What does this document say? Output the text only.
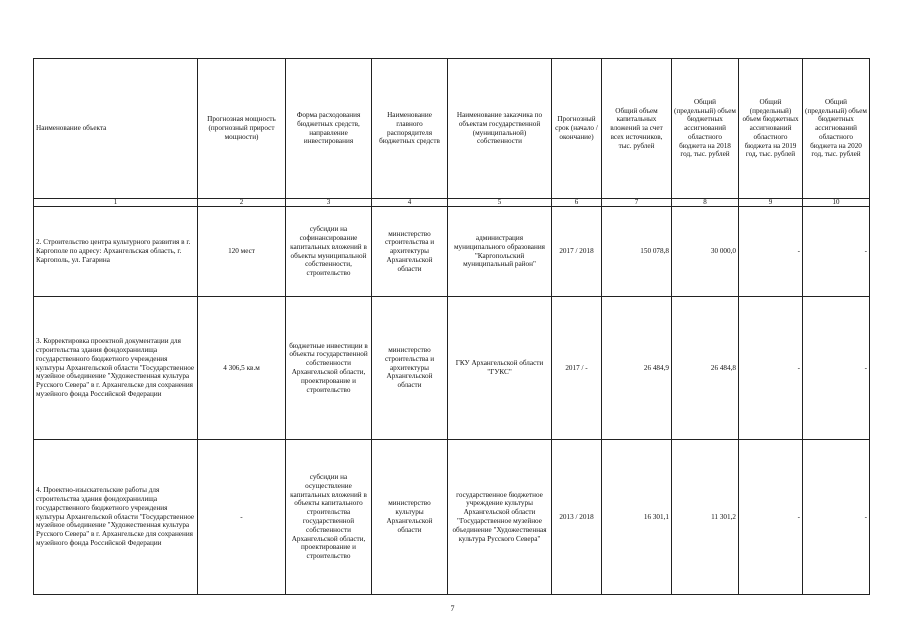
Наименование объекта	Прогнозная мощность (прогнозный прирост мощности)	Форма расходования бюджетных средств, направление инвестирования	Наименование главного распорядителя бюджетных средств	Наименование заказчика по объектам государственной (муниципальной) собственности	Прогнозный срок (начало / окончание)	Общий объем капитальных вложений за счет всех источников, тыс. рублей	Общий (предельный) объем бюджетных ассигнований областного бюджета на 2018 год, тыс. рублей	Общий (предельный) объем бюджетных ассигнований областного бюджета на 2019 год, тыс. рублей	Общий (предельный) объем бюджетных ассигнований областного бюджета на 2020 год, тыс. рублей
1	2	3	4	5	6	7	8	9	10
2. Строительство центра культурного развития в г. Каргополе по адресу: Архангельская область, г. Каргополь, ул. Гагарина	120 мест	субсидии на софинансирование капитальных вложений в объекты муниципальной собственности, строительство	министерство строительства и архитектуры Архангельской области	администрация муниципального образования "Каргопольский муниципальный район"	2017 / 2018	150 078,8	30 000,0	-	-
3. Корректировка проектной документации для строительства здания фондохранилища государственного бюджетного учреждения культуры Архангельской области "Государственное музейное объединение "Художественная культура Русского Севера" в г. Архангельске для сохранения музейного фонда Российской Федерации	4 306,5 кв.м	бюджетные инвестиции в объекты государственной собственности Архангельской области, проектирование и строительство	министерство строительства и архитектуры Архангельской области	ГКУ Архангельской области "ГУКС"	2017 / -	26 484,9	26 484,8	-	-
4. Проектно-изыскательские работы для строительства здания фондохранилища государственного бюджетного учреждения культуры Архангельской области "Государственное музейное объединение "Художественная культура Русского Севера" в г. Архангельске для сохранения музейного фонда Российской Федерации	-	субсидии на осуществление капитальных вложений в объекты капитального строительства государственной собственности Архангельской области, проектирование и строительство	министерство культуры Архангельской области	государственное бюджетное учреждение культуры Архангельской области "Государственное музейное объединение "Художественная культура Русского Севера"	2013 / 2018	16 301,1	11 301,2	-	-
7
